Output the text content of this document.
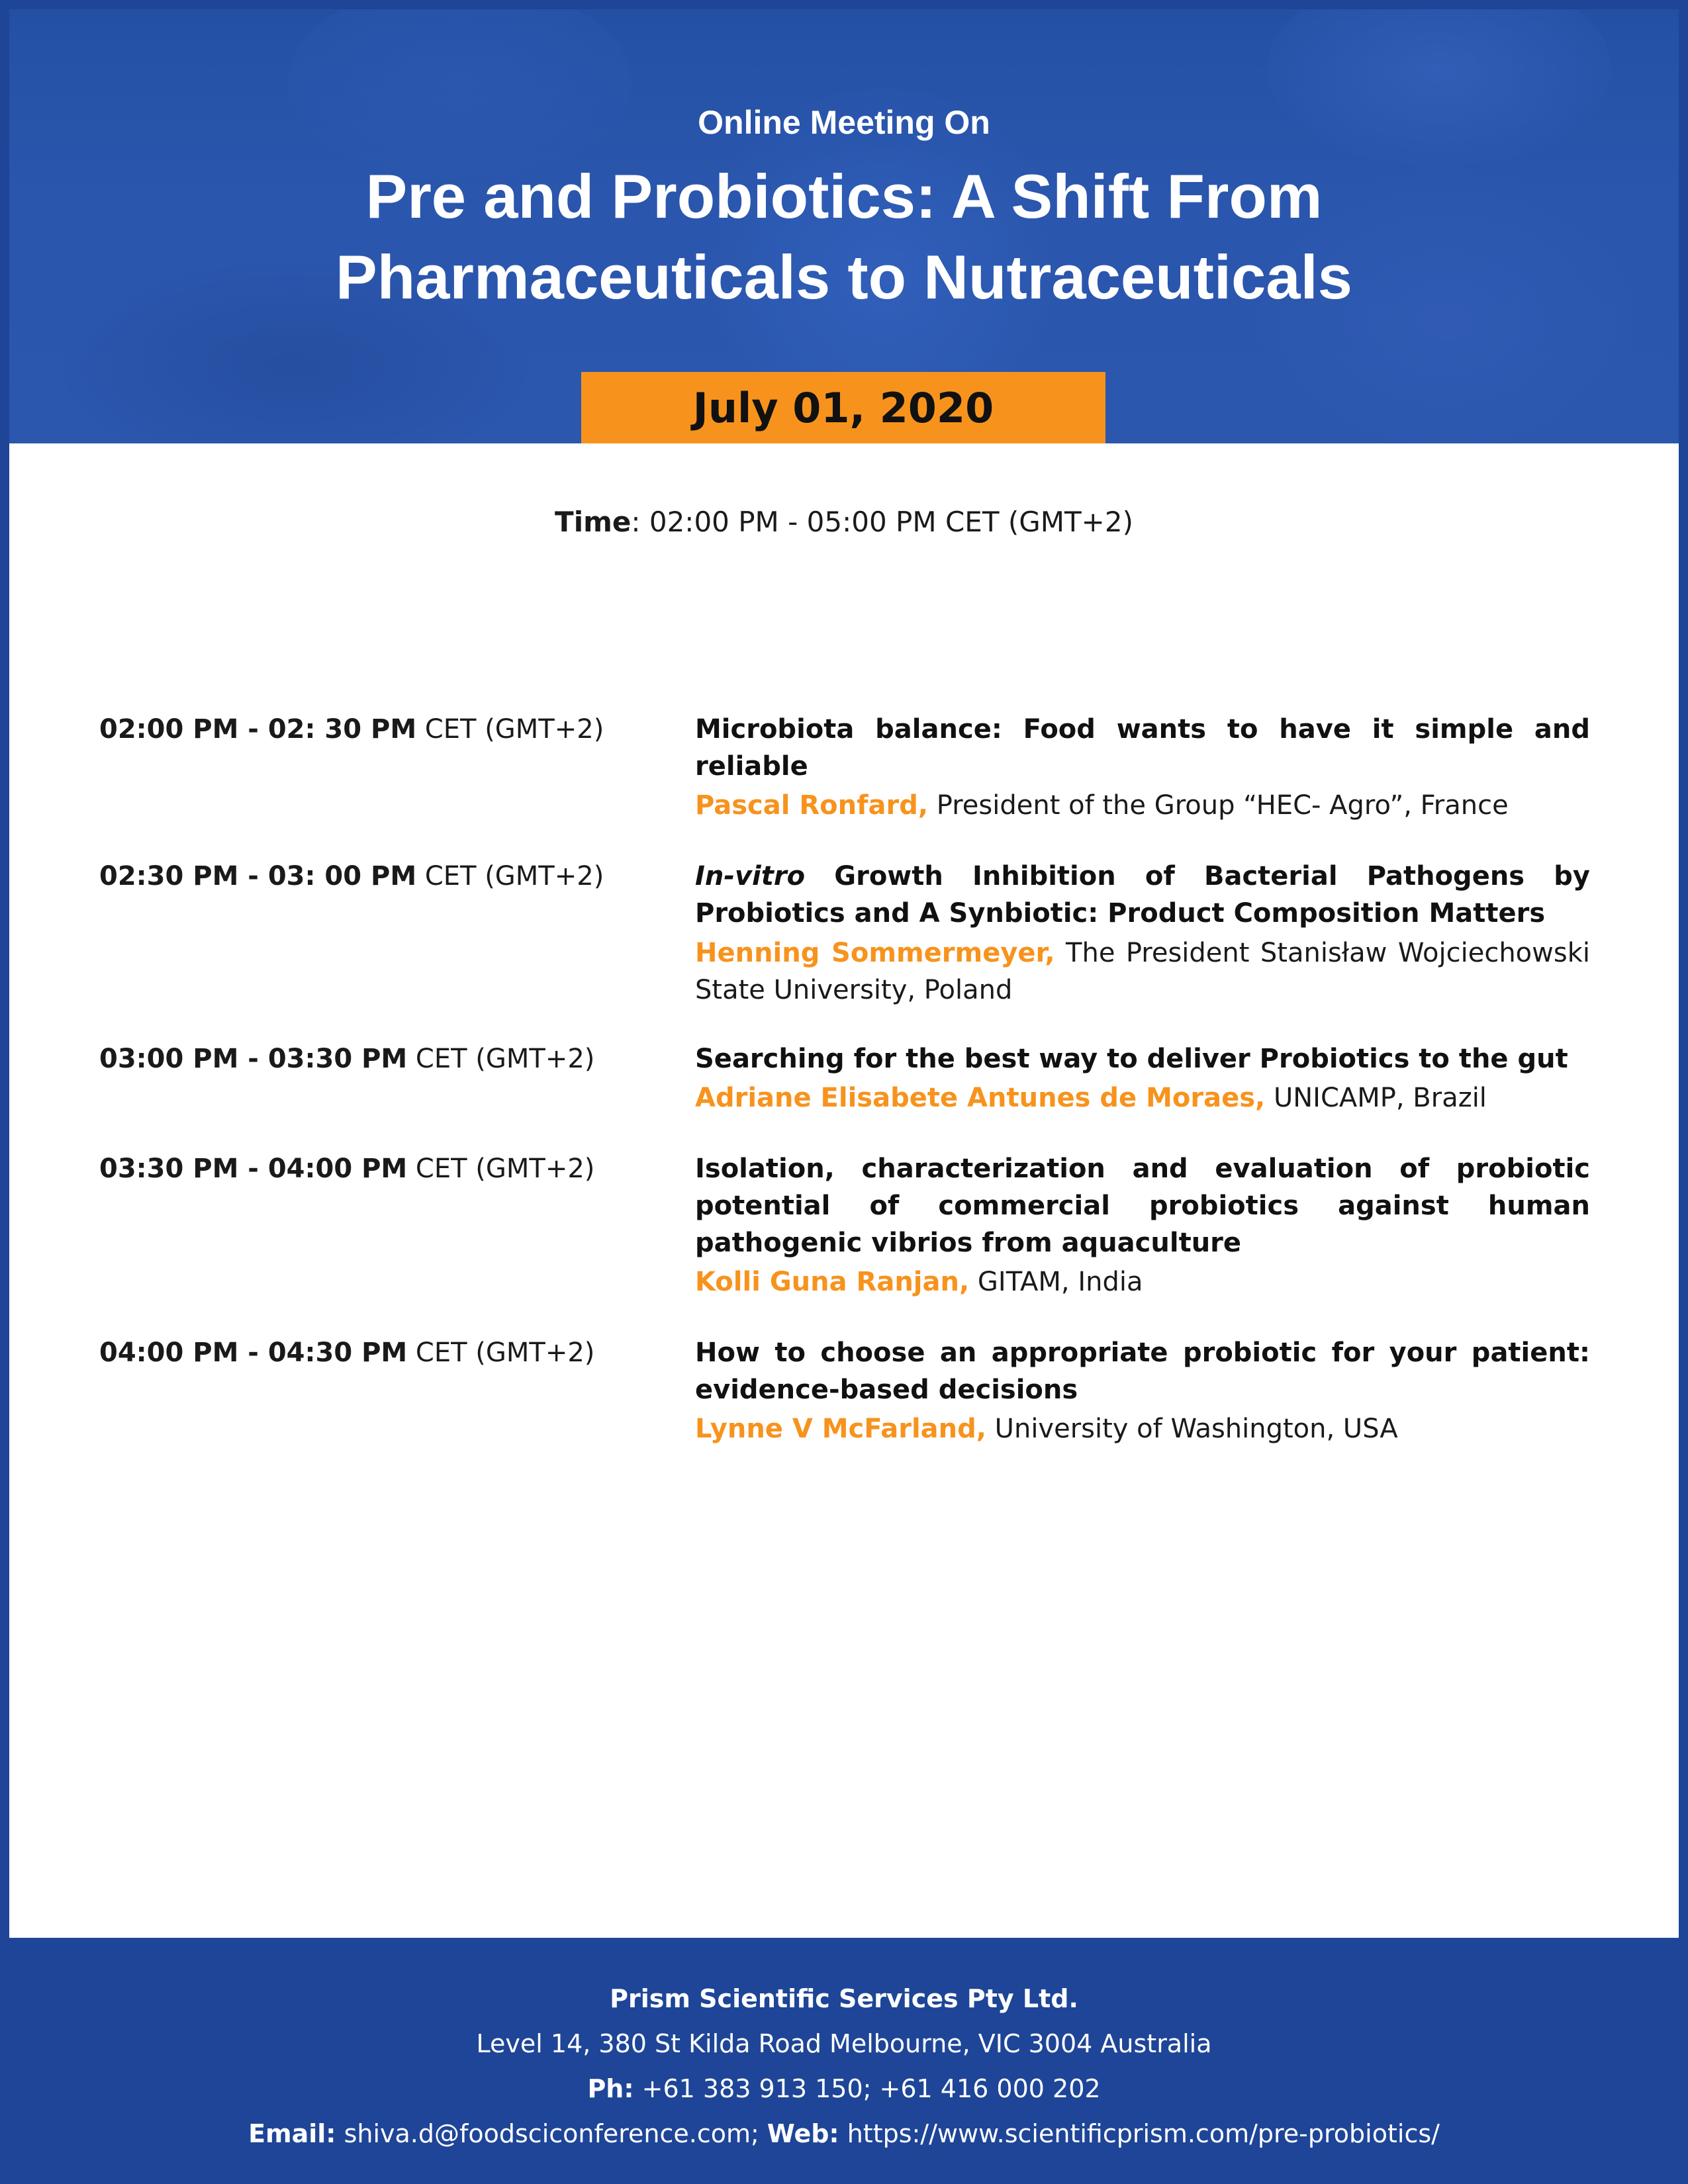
Online Meeting On
Pre and Probiotics: A Shift From
Pharmaceuticals to Nutraceuticals
July 01, 2020
Time: 02:00 PM - 05:00 PM CET (GMT+2)
02:00 PM - 02: 30 PM CET (GMT+2)	Microbiota balance: Food wants to have it simple and reliable
Pascal Ronfard, President of the Group “HEC- Agro”, France
02:30 PM - 03: 00 PM CET (GMT+2)	In-vitro Growth Inhibition of Bacterial Pathogens by Probiotics and A Synbiotic: Product Composition Matters
Henning Sommermeyer, The President Stanisław Wojciechowski State University, Poland
03:00 PM - 03:30 PM CET (GMT+2)	Searching for the best way to deliver Probiotics to the gut
Adriane Elisabete Antunes de Moraes, UNICAMP, Brazil
03:30 PM - 04:00 PM CET (GMT+2)	Isolation, characterization and evaluation of probiotic potential of commercial probiotics against human pathogenic vibrios from aquaculture
Kolli Guna Ranjan, GITAM, India
04:00 PM - 04:30 PM CET (GMT+2)	How to choose an appropriate probiotic for your patient: evidence-based decisions
Lynne V McFarland, University of Washington, USA
Prism Scientific Services Pty Ltd.
Level 14, 380 St Kilda Road Melbourne, VIC 3004 Australia
Ph: +61 383 913 150; +61 416 000 202
Email: shiva.d@foodsciconference.com; Web: https://www.scientificprism.com/pre-probiotics/
